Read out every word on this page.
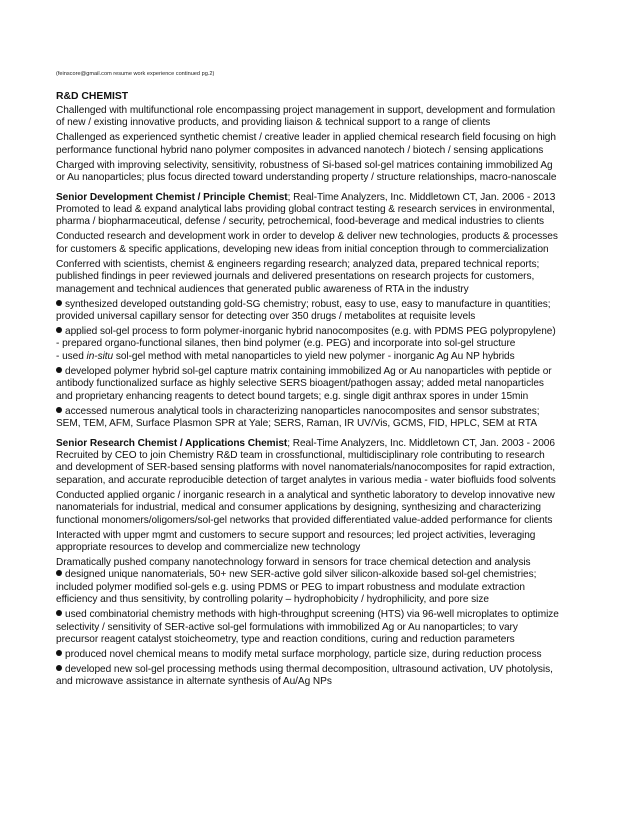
(feinscore@gmail.com resume work experience continued pg.2)
R&D CHEMIST
Challenged with multifunctional role encompassing project management in support, development and formulation
of new / existing innovative products, and providing liaison & technical support to a range of clients
Challenged as experienced synthetic chemist / creative leader in applied chemical research field focusing on high
performance functional hybrid nano polymer composites in advanced nanotech / biotech / sensing applications
Charged with improving selectivity, sensitivity, robustness of Si-based sol-gel matrices containing immobilized Ag
or Au nanoparticles; plus focus directed toward understanding property / structure relationships, macro-nanoscale
Senior Development Chemist / Principle Chemist; Real-Time Analyzers, Inc. Middletown CT, Jan. 2006 - 2013
Promoted to lead & expand analytical labs providing global contract testing & research services in environmental,
pharma / biopharmaceutical, defense / security, petrochemical, food-beverage and medical industries to clients
Conducted research and development work in order to develop & deliver new technologies, products & processes
for customers & specific applications, developing new ideas from initial conception through to commercialization
Conferred with scientists, chemist & engineers regarding research; analyzed data, prepared technical reports;
published findings in peer reviewed journals and delivered presentations on research projects for customers,
management and technical audiences that generated public awareness of RTA in the industry
synthesized developed outstanding gold-SG chemistry; robust, easy to use, easy to manufacture in quantities;
provided universal capillary sensor for detecting over 350 drugs / metabolites at requisite levels
applied sol-gel process to form polymer-inorganic hybrid nanocomposites (e.g. with PDMS PEG polypropylene)
- prepared organo-functional silanes, then bind polymer (e.g. PEG) and incorporate into sol-gel structure
- used in-situ sol-gel method with metal nanoparticles to yield new polymer - inorganic Ag Au NP hybrids
developed polymer hybrid sol-gel capture matrix containing immobilized Ag or Au nanoparticles with peptide or
antibody functionalized surface as highly selective SERS bioagent/pathogen assay; added metal nanoparticles
and proprietary enhancing reagents to detect bound targets; e.g. single digit anthrax spores in under 15min
accessed numerous analytical tools in characterizing nanoparticles nanocomposites and sensor substrates;
SEM, TEM, AFM, Surface Plasmon SPR at Yale; SERS, Raman, IR UV/Vis, GCMS, FID, HPLC, SEM at RTA
Senior Research Chemist / Applications Chemist; Real-Time Analyzers, Inc. Middletown CT, Jan. 2003 - 2006
Recruited by CEO to join Chemistry R&D team in crossfunctional, multidisciplinary role contributing to research
and development of SER-based sensing platforms with novel nanomaterials/nanocomposites for rapid extraction,
separation, and accurate reproducible detection of target analytes in various media - water biofluids food solvents
Conducted applied organic / inorganic research in a analytical and synthetic laboratory to develop innovative new
nanomaterials for industrial, medical and consumer applications by designing, synthesizing and characterizing
functional monomers/oligomers/sol-gel networks that provided differentiated value-added performance for clients
Interacted with upper mgmt and customers to secure support and resources; led project activities, leveraging
appropriate resources to develop and commercialize new technology
Dramatically pushed company nanotechnology forward in sensors for trace chemical detection and analysis
designed unique nanomaterials, 50+ new SER-active gold silver silicon-alkoxide based sol-gel chemistries;
included polymer modified sol-gels e.g. using PDMS or PEG to impart robustness and modulate extraction
efficiency and thus sensitivity, by controlling polarity – hydrophobicity / hydrophilicity, and pore size
used combinatorial chemistry methods with high-throughput screening (HTS) via 96-well microplates to optimize
selectivity / sensitivity of SER-active sol-gel formulations with immobilized Ag or Au nanoparticles; to vary
precursor reagent catalyst stoicheometry, type and reaction conditions, curing and reduction parameters
produced novel chemical means to modify metal surface morphology, particle size, during reduction process
developed new sol-gel processing methods using thermal decomposition, ultrasound activation, UV photolysis,
and microwave assistance in alternate synthesis of Au/Ag NPs
